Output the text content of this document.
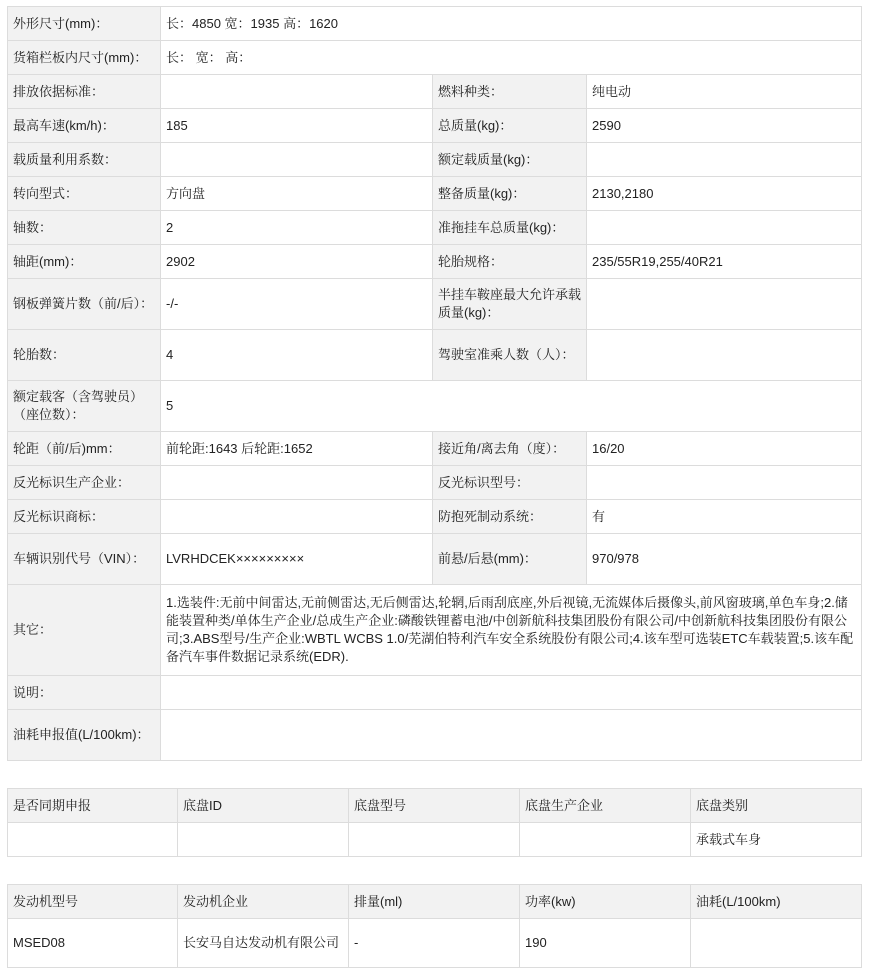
外形尺寸(mm)：	长：4850 宽：1935 高：1620		
货箱栏板内尺寸(mm)：	长： 宽： 高：		
排放依据标准：		燃料种类：	纯电动
最高车速(km/h)：	185	总质量(kg)：	2590
载质量利用系数：		额定载质量(kg)：	
转向型式：	方向盘	整备质量(kg)：	2130,2180
轴数：	2	准拖挂车总质量(kg)：	
轴距(mm)：	2902	轮胎规格：	235/55R19,255/40R21
钢板弹簧片数（前/后）：	-/-	半挂车鞍座最大允许承载质量(kg)：	
轮胎数：	4	驾驶室准乘人数（人）：	
额定载客（含驾驶员）（座位数）：	5		
轮距（前/后)mm：	前轮距:1643 后轮距:1652	接近角/离去角（度）：	16/20
反光标识生产企业：		反光标识型号：	
反光标识商标：		防抱死制动系统：	有
车辆识别代号（VIN）：	LVRHDCEK×××××××××	前悬/后悬(mm)：	970/978
其它：	1.选装件:无前中间雷达,无前侧雷达,无后侧雷达,轮辋,后雨刮底座,外后视镜,无流媒体后摄像头,前风窗玻璃,单色车身;2.储能装置种类/单体生产企业/总成生产企业:磷酸铁锂蓄电池/中创新航科技集团股份有限公司/中创新航科技集团股份有限公司;3.ABS型号/生产企业:WBTL WCBS 1.0/芜湖伯特利汽车安全系统股份有限公司;4.该车型可选装ETC车载装置;5.该车配备汽车事件数据记录系统(EDR).		
说明：			
油耗申报值(L/100km)：			
是否同期申报	底盘ID	底盘型号	底盘生产企业	底盘类别
				承载式车身
发动机型号	发动机企业	排量(ml)	功率(kw)	油耗(L/100km)
MSED08	长安马自达发动机有限公司	-	190	
